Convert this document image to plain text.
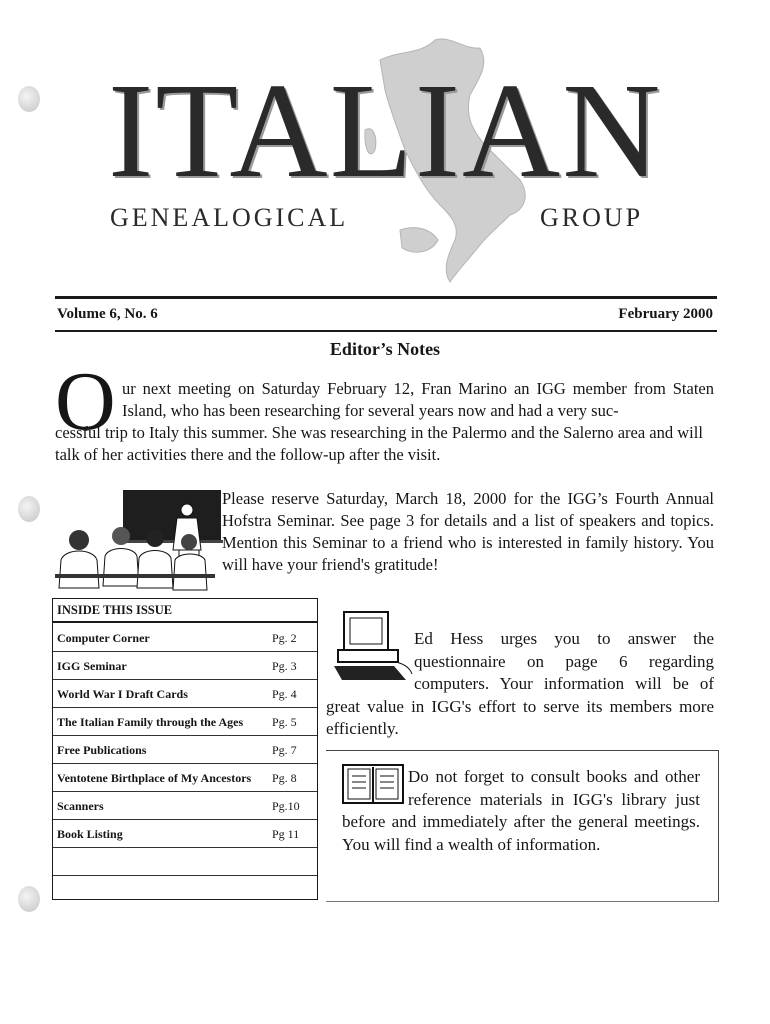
ITALIAN
GENEALOGICAL	GROUP
Volume 6, No. 6	February 2000
Editor’s Notes
O ur next meeting on Saturday February 12, Fran Marino an IGG member from Staten Island, who has been researching for several years now and had a very suc-
cessful trip to Italy this summer. She was researching in the Palermo and the Salerno area and will talk of her activities there and the follow-up after the visit.
Please reserve Saturday, March 18, 2000 for the IGG’s Fourth Annual Hofstra Seminar. See page 3 for details and a list of speakers and topics. Mention this Seminar to a friend who is interested in family history. You will have your friend's gratitude!
INSIDE THIS ISSUE
Computer Corner	Pg. 2
IGG Seminar	Pg. 3
World War I Draft Cards	Pg. 4
The Italian Family through the Ages Pg. 5
Free Publications	Pg. 7
Ventotene Birthplace of My Ancestors Pg. 8
Scanners	Pg.10
Book Listing	Pg 11
Ed Hess urges you to answer the questionnaire on page 6 regarding computers. Your information will be of great value in IGG's effort to serve its members more efficiently.
Do not forget to consult books and other reference materials in IGG's library just before and immediately after the general meetings. You will find a wealth of information.
